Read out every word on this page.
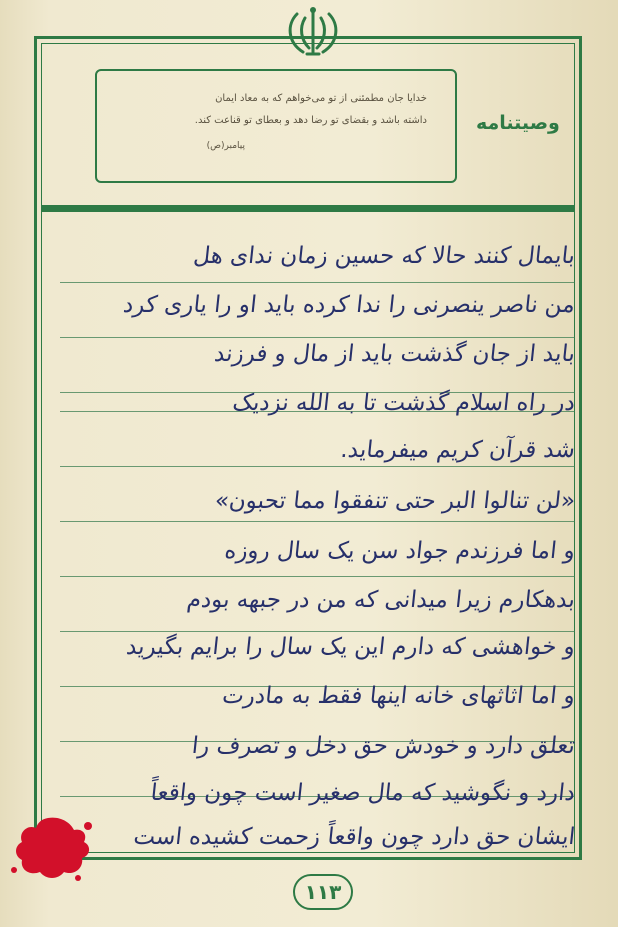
خدایا جان مطمئنی از تو می‌خواهم که به معاد ایمان
داشته باشد و بقضای تو رضا دهد و بعطای تو قناعت کند.
پیامبر(ص)
وصیتنامه
بایمال کنند حالا که حسین زمان ندای هل
من ناصر ینصرنی را ندا کرده باید او را یاری کرد
باید از جان گذشت باید از مال و فرزند
در راه اسلام گذشت تا به الله نزدیک
شد قرآن کریم میفرماید.
«لن تنالوا البر حتی تنفقوا مما تحبون»
و اما فرزندم جواد سن یک سال روزه
بدهکارم زیرا میدانی که من در جبهه بودم
و خواهشی که دارم این یک سال را برایم بگیرید
و اما اثاثهای خانه اینها فقط به مادرت
تعلق دارد و خودش حق دخل و تصرف را
دارد و نگوشید که مال صغیر است چون واقعاً
ایشان حق دارد چون واقعاً زحمت کشیده است
۱۱۳
